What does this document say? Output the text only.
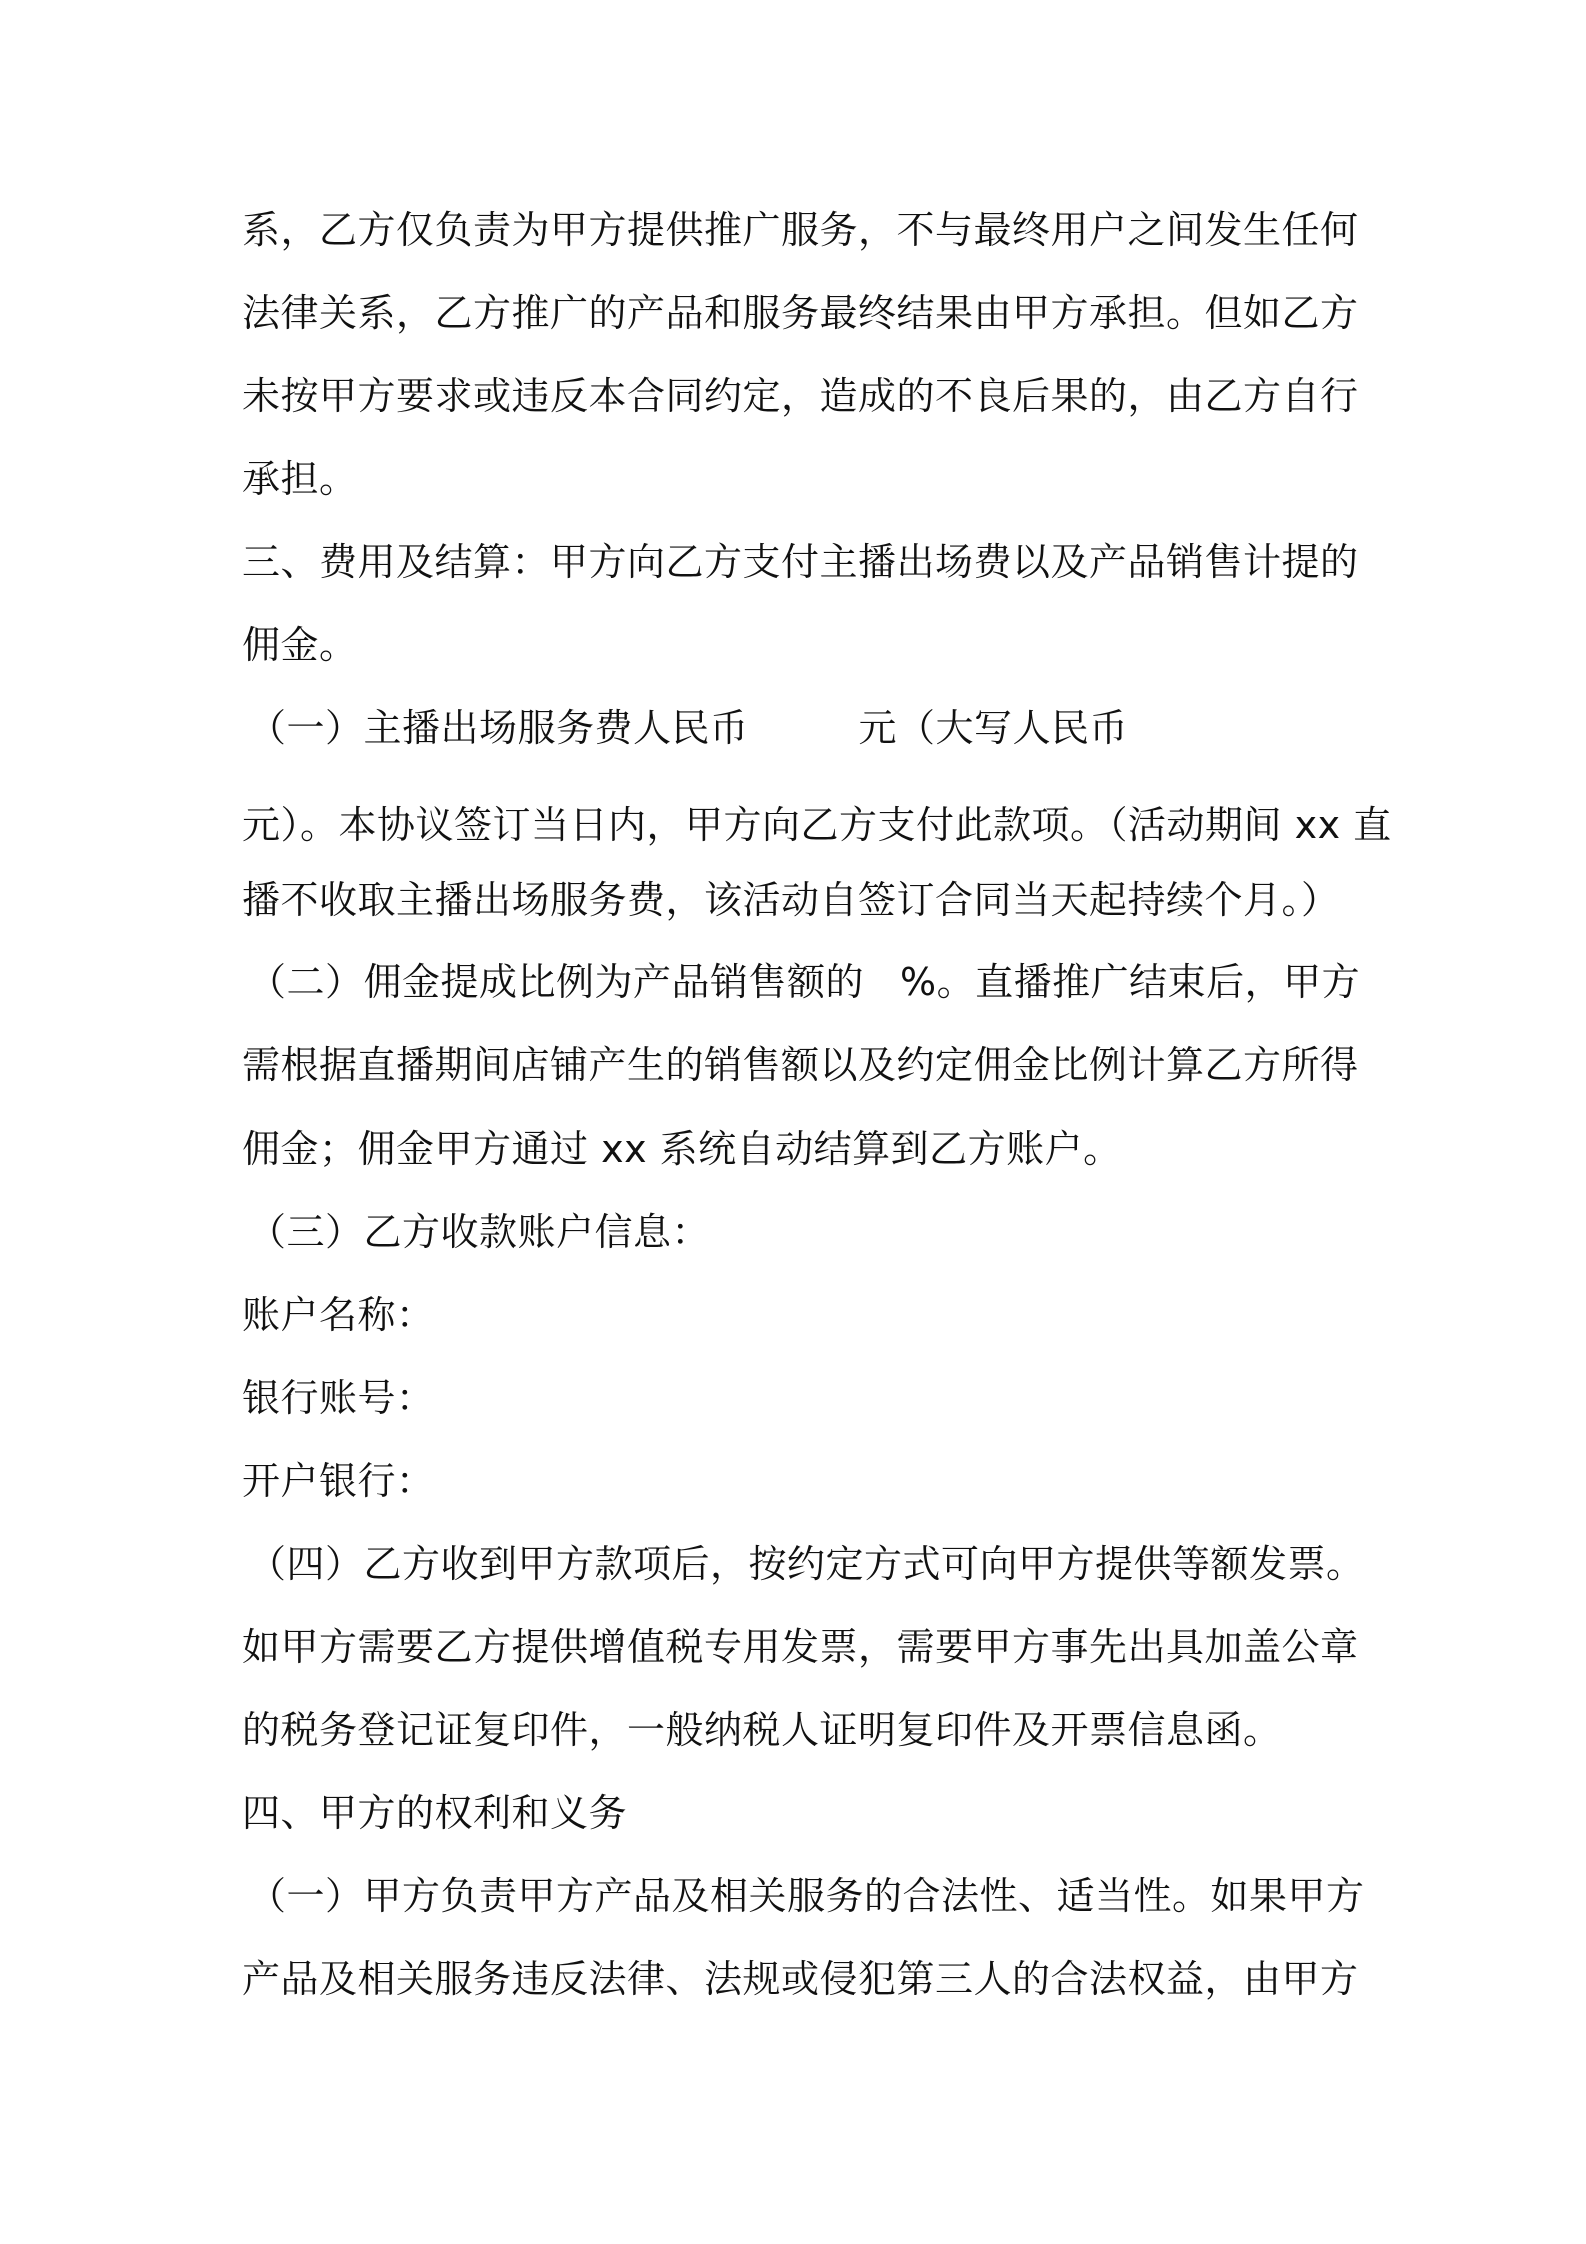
系，乙方仅负责为甲方提供推广服务，不与最终用户之间发生任何
法律关系，乙方推广的产品和服务最终结果由甲方承担。但如乙方
未按甲方要求或违反本合同约定，造成的不良后果的，由乙方自行
承担。
三、费用及结算：甲方向乙方支付主播出场费以及产品销售计提的
佣金。
（一）主播出场服务费人民币	元（大写人民币
元）。本协议签订当日内，甲方向乙方支付此款项。（活动期间 xx 直
播不收取主播出场服务费，该活动自签订合同当天起持续个月。）
（二）佣金提成比例为产品销售额的 %。直播推广结束后，甲方
需根据直播期间店铺产生的销售额以及约定佣金比例计算乙方所得
佣金；佣金甲方通过 xx 系统自动结算到乙方账户。
（三）乙方收款账户信息：
账户名称：
银行账号：
开户银行：
（四）乙方收到甲方款项后，按约定方式可向甲方提供等额发票。
如甲方需要乙方提供增值税专用发票，需要甲方事先出具加盖公章
的税务登记证复印件，一般纳税人证明复印件及开票信息函。
四、甲方的权利和义务
（一）甲方负责甲方产品及相关服务的合法性、适当性。如果甲方
产品及相关服务违反法律、法规或侵犯第三人的合法权益，由甲方
